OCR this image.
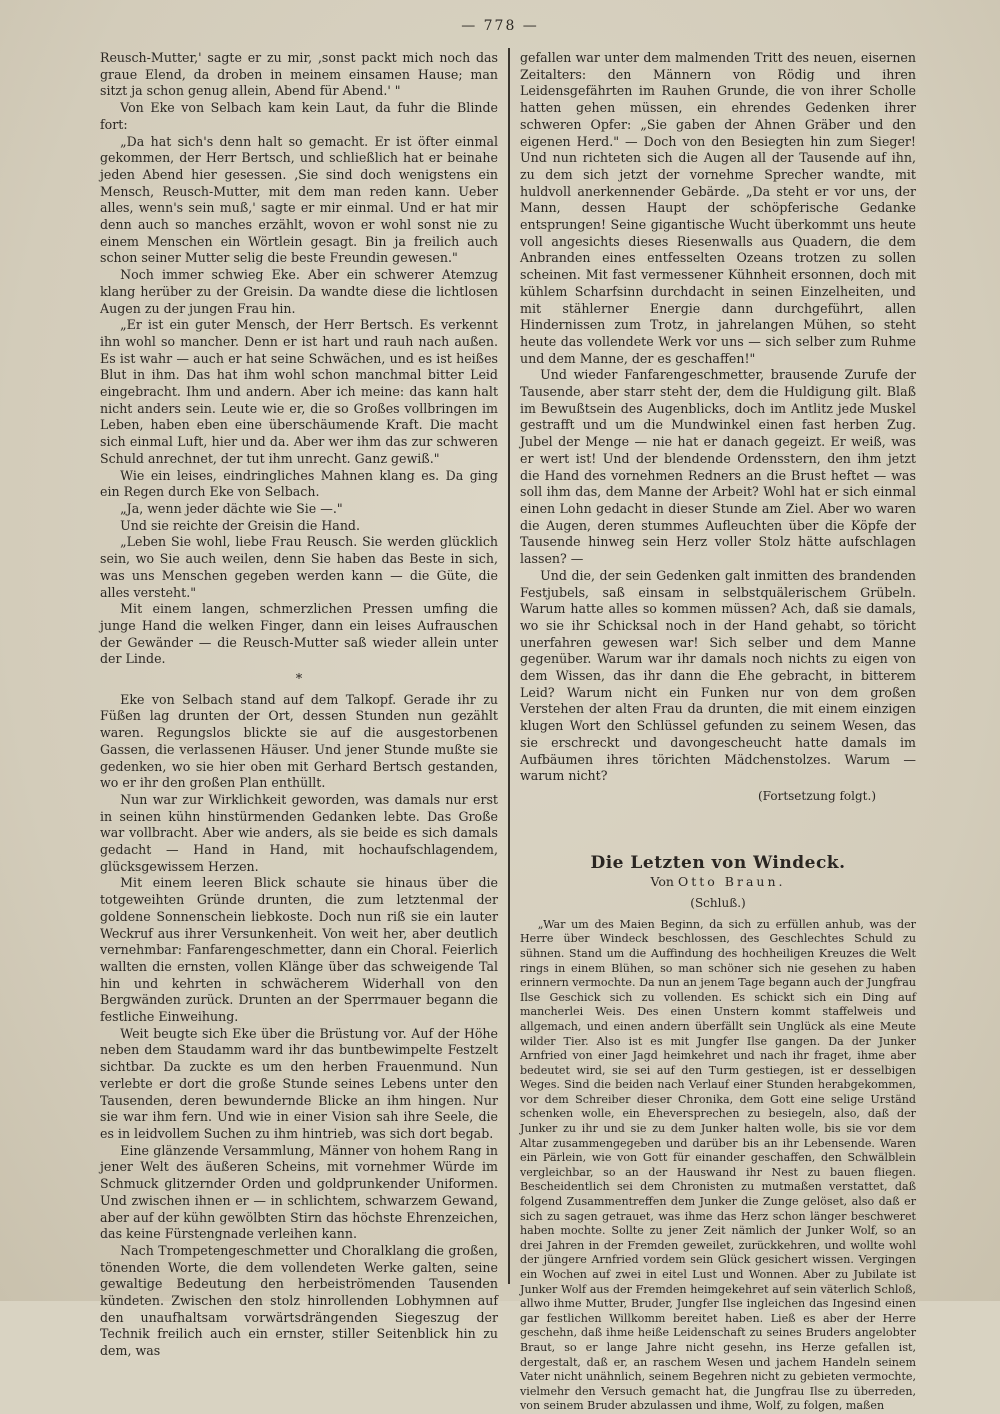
— 778 —

Reusch-Mutter,' sagte er zu mir, ‚sonst packt mich noch das graue Elend, da droben in meinem einsamen Hause; man sitzt ja schon genug allein, Abend für Abend.' "

Von Eke von Selbach kam kein Laut, da fuhr die Blinde fort:

„Da hat sich's denn halt so gemacht. Er ist öfter einmal gekommen, der Herr Bertsch, und schließlich hat er beinahe jeden Abend hier gesessen. ‚Sie sind doch wenigstens ein Mensch, Reusch-Mutter, mit dem man reden kann. Ueber alles, wenn's sein muß,' sagte er mir einmal. Und er hat mir denn auch so manches erzählt, wovon er wohl sonst nie zu einem Menschen ein Wörtlein gesagt. Bin ja freilich auch schon seiner Mutter selig die beste Freundin gewesen."

Noch immer schwieg Eke. Aber ein schwerer Atemzug klang herüber zu der Greisin. Da wandte diese die lichtlosen Augen zu der jungen Frau hin.

„Er ist ein guter Mensch, der Herr Bertsch. Es verkennt ihn wohl so mancher. Denn er ist hart und rauh nach außen. Es ist wahr — auch er hat seine Schwächen, und es ist heißes Blut in ihm. Das hat ihm wohl schon manchmal bitter Leid eingebracht. Ihm und andern. Aber ich meine: das kann halt nicht anders sein. Leute wie er, die so Großes vollbringen im Leben, haben eben eine überschäumende Kraft. Die macht sich einmal Luft, hier und da. Aber wer ihm das zur schweren Schuld anrechnet, der tut ihm unrecht. Ganz gewiß."

Wie ein leises, eindringliches Mahnen klang es. Da ging ein Regen durch Eke von Selbach.

„Ja, wenn jeder dächte wie Sie —."

Und sie reichte der Greisin die Hand.

„Leben Sie wohl, liebe Frau Reusch. Sie werden glücklich sein, wo Sie auch weilen, denn Sie haben das Beste in sich, was uns Menschen gegeben werden kann — die Güte, die alles versteht."

Mit einem langen, schmerzlichen Pressen umfing die junge Hand die welken Finger, dann ein leises Aufrauschen der Gewänder — die Reusch-Mutter saß wieder allein unter der Linde.

*

Eke von Selbach stand auf dem Talkopf. Gerade ihr zu Füßen lag drunten der Ort, dessen Stunden nun gezählt waren. Regungslos blickte sie auf die ausgestorbenen Gassen, die verlassenen Häuser. Und jener Stunde mußte sie gedenken, wo sie hier oben mit Gerhard Bertsch gestanden, wo er ihr den großen Plan enthüllt.

Nun war zur Wirklichkeit geworden, was damals nur erst in seinen kühn hinstürmenden Gedanken lebte. Das Große war vollbracht. Aber wie anders, als sie beide es sich damals gedacht — Hand in Hand, mit hochaufschlagendem, glücksgewissem Herzen.

Mit einem leeren Blick schaute sie hinaus über die totgeweihten Gründe drunten, die zum letztenmal der goldene Sonnenschein liebkoste. Doch nun riß sie ein lauter Weckruf aus ihrer Versunkenheit. Von weit her, aber deutlich vernehmbar: Fanfarengeschmetter, dann ein Choral. Feierlich wallten die ernsten, vollen Klänge über das schweigende Tal hin und kehrten in schwächerem Widerhall von den Bergwänden zurück. Drunten an der Sperrmauer begann die festliche Einweihung.

Weit beugte sich Eke über die Brüstung vor. Auf der Höhe neben dem Staudamm ward ihr das buntbewimpelte Festzelt sichtbar. Da zuckte es um den herben Frauenmund. Nun verlebte er dort die große Stunde seines Lebens unter den Tausenden, deren bewundernde Blicke an ihm hingen. Nur sie war ihm fern. Und wie in einer Vision sah ihre Seele, die es in leidvollem Suchen zu ihm hintrieb, was sich dort begab.

Eine glänzende Versammlung, Männer von hohem Rang in jener Welt des äußeren Scheins, mit vornehmer Würde im Schmuck glitzernder Orden und goldprunkender Uniformen. Und zwischen ihnen er — in schlichtem, schwarzem Gewand, aber auf der kühn gewölbten Stirn das höchste Ehrenzeichen, das keine Fürstengnade verleihen kann.

Nach Trompetengeschmetter und Choralklang die großen, tönenden Worte, die dem vollendeten Werke galten, seine gewaltige Bedeutung den herbeiströmenden Tausenden kündeten. Zwischen den stolz hinrollenden Lobhymnen auf den unaufhaltsam vorwärtsdrängenden Siegeszug der Technik freilich auch ein ernster, stiller Seitenblick hin zu dem, was

gefallen war unter dem malmenden Tritt des neuen, eisernen Zeitalters: den Männern von Rödig und ihren Leidensgefährten im Rauhen Grunde, die von ihrer Scholle hatten gehen müssen, ein ehrendes Gedenken ihrer schweren Opfer: „Sie gaben der Ahnen Gräber und den eigenen Herd." — Doch von den Besiegten hin zum Sieger! Und nun richteten sich die Augen all der Tausende auf ihn, zu dem sich jetzt der vornehme Sprecher wandte, mit huldvoll anerkennender Gebärde. „Da steht er vor uns, der Mann, dessen Haupt der schöpferische Gedanke entsprungen! Seine gigantische Wucht überkommt uns heute voll angesichts dieses Riesenwalls aus Quadern, die dem Anbranden eines entfesselten Ozeans trotzen zu sollen scheinen. Mit fast vermessener Kühnheit ersonnen, doch mit kühlem Scharfsinn durchdacht in seinen Einzelheiten, und mit stählerner Energie dann durchgeführt, allen Hindernissen zum Trotz, in jahrelangen Mühen, so steht heute das vollendete Werk vor uns — sich selber zum Ruhme und dem Manne, der es geschaffen!"

Und wieder Fanfarengeschmetter, brausende Zurufe der Tausende, aber starr steht der, dem die Huldigung gilt. Blaß im Bewußtsein des Augenblicks, doch im Antlitz jede Muskel gestrafft und um die Mundwinkel einen fast herben Zug. Jubel der Menge — nie hat er danach gegeizt. Er weiß, was er wert ist! Und der blendende Ordensstern, den ihm jetzt die Hand des vornehmen Redners an die Brust heftet — was soll ihm das, dem Manne der Arbeit? Wohl hat er sich einmal einen Lohn gedacht in dieser Stunde am Ziel. Aber wo waren die Augen, deren stummes Aufleuchten über die Köpfe der Tausende hinweg sein Herz voller Stolz hätte aufschlagen lassen? —

Und die, der sein Gedenken galt inmitten des brandenden Festjubels, saß einsam in selbstquälerischem Grübeln. Warum hatte alles so kommen müssen? Ach, daß sie damals, wo sie ihr Schicksal noch in der Hand gehabt, so töricht unerfahren gewesen war! Sich selber und dem Manne gegenüber. Warum war ihr damals noch nichts zu eigen von dem Wissen, das ihr dann die Ehe gebracht, in bitterem Leid? Warum nicht ein Funken nur von dem großen Verstehen der alten Frau da drunten, die mit einem einzigen klugen Wort den Schlüssel gefunden zu seinem Wesen, das sie erschreckt und davongescheucht hatte damals im Aufbäumen ihres törichten Mädchenstolzes. Warum — warum nicht?

(Fortsetzung folgt.)
Die Letzten von Windeck.
Von Otto Braun.
(Schluß.)

„War um des Maien Beginn, da sich zu erfüllen anhub, was der Herre über Windeck beschlossen, des Geschlechtes Schuld zu sühnen. Stand um die Auffindung des hochheiligen Kreuzes die Welt rings in einem Blühen, so man schöner sich nie gesehen zu haben erinnern vermochte. Da nun an jenem Tage begann auch der Jungfrau Ilse Geschick sich zu vollenden. Es schickt sich ein Ding auf mancherlei Weis. Des einen Unstern kommt staffelweis und allgemach, und einen andern überfällt sein Unglück als eine Meute wilder Tier. Also ist es mit Jungfer Ilse gangen. Da der Junker Arnfried von einer Jagd heimkehret und nach ihr fraget, ihme aber bedeutet wird, sie sei auf den Turm gestiegen, ist er desselbigen Weges. Sind die beiden nach Verlauf einer Stunden herabgekommen, vor dem Schreiber dieser Chronika, dem Gott eine selige Urständ schenken wolle, ein Eheversprechen zu besiegeln, also, daß der Junker zu ihr und sie zu dem Junker halten wolle, bis sie vor dem Altar zusammengegeben und darüber bis an ihr Lebensende. Waren ein Pärlein, wie von Gott für einander geschaffen, den Schwälblein vergleichbar, so an der Hauswand ihr Nest zu bauen fliegen. Bescheidentlich sei dem Chronisten zu mutmaßen verstattet, daß folgend Zusammentreffen dem Junker die Zunge gelöset, also daß er sich zu sagen getrauet, was ihme das Herz schon länger beschweret haben mochte. Sollte zu jener Zeit nämlich der Junker Wolf, so an drei Jahren in der Fremden geweilet, zurückkehren, und wollte wohl der jüngere Arnfried vordem sein Glück gesichert wissen. Vergingen ein Wochen auf zwei in eitel Lust und Wonnen. Aber zu Jubilate ist Junker Wolf aus der Fremden heimgekehret auf sein väterlich Schloß, allwo ihme Mutter, Bruder, Jungfer Ilse ingleichen das Ingesind einen gar festlichen Willkomm bereitet haben. Ließ es aber der Herre geschehn, daß ihme heiße Leidenschaft zu seines Bruders angelobter Braut, so er lange Jahre nicht gesehn, ins Herze gefallen ist, dergestalt, daß er, an raschem Wesen und jachem Handeln seinem Vater nicht unähnlich, seinem Begehren nicht zu gebieten vermochte, vielmehr den Versuch gemacht hat, die Jungfrau Ilse zu überreden, von seinem Bruder abzulassen und ihme, Wolf, zu folgen, maßen
